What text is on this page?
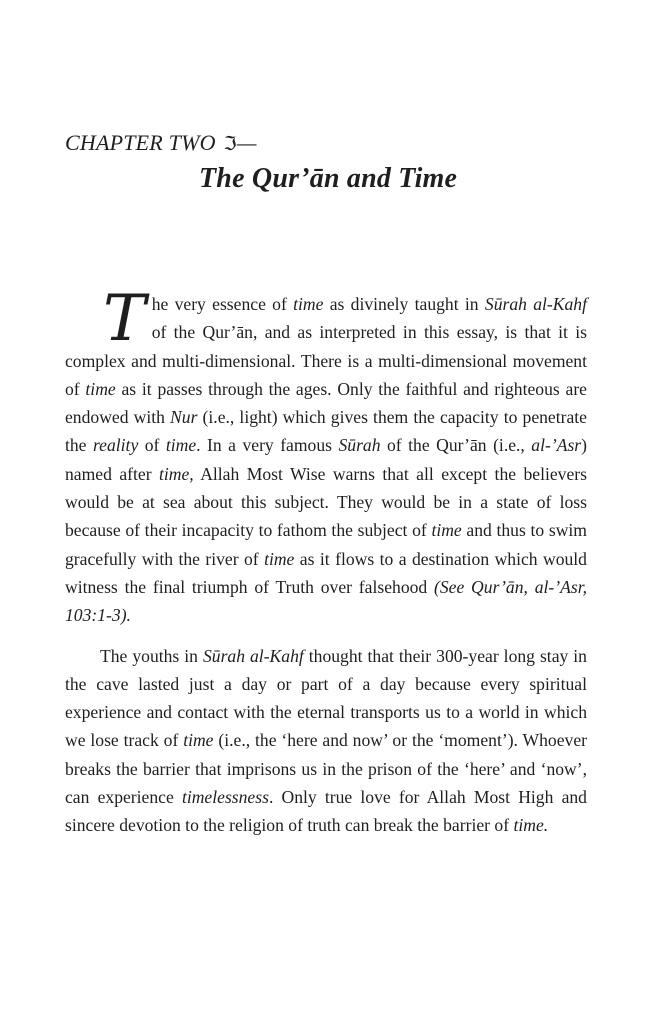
CHAPTER TWO ℑ—
The Qur’ān and Time

The very essence of time as divinely taught in Sūrah al-Kahf of the Qur’ān, and as interpreted in this essay, is that it is complex and multi-dimensional. There is a multi-dimensional movement of time as it passes through the ages. Only the faithful and righteous are endowed with Nur (i.e., light) which gives them the capacity to penetrate the reality of time. In a very famous Sūrah of the Qur’ān (i.e., al-’Asr) named after time, Allah Most Wise warns that all except the believers would be at sea about this subject. They would be in a state of loss because of their incapacity to fathom the subject of time and thus to swim gracefully with the river of time as it flows to a destination which would witness the final triumph of Truth over falsehood (See Qur’ān, al-’Asr, 103:1-3).

The youths in Sūrah al-Kahf thought that their 300-year long stay in the cave lasted just a day or part of a day because every spiritual experience and contact with the eternal transports us to a world in which we lose track of time (i.e., the ‘here and now’ or the ‘moment’). Whoever breaks the barrier that imprisons us in the prison of the ‘here’ and ‘now’, can experience timelessness. Only true love for Allah Most High and sincere devotion to the religion of truth can break the barrier of time.
